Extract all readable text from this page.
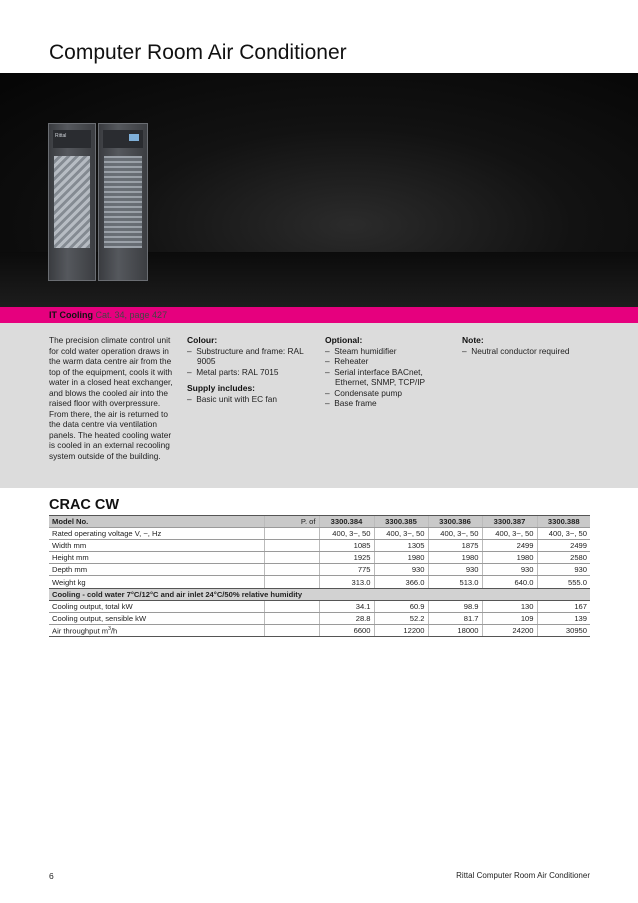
Computer Room Air Conditioner
Rittal
IT Cooling Cat. 34, page 427
The precision climate control unit for cold water operation draws in the warm data centre air from the top of the equipment, cools it with water in a closed heat exchanger, and blows the cooled air into the raised floor with overpressure. From there, the air is returned to the data centre via ventilation panels. The heated cooling water is cooled in an external recooling system outside of the building.
Colour:
–  Substructure and frame: RAL 9005
–  Metal parts: RAL 7015
Supply includes:
–  Basic unit with EC fan
Optional:
–  Steam humidifier
–  Reheater
–  Serial interface BACnet, Ethernet, SNMP, TCP/IP
–  Condensate pump
–  Base frame
Note:
–  Neutral conductor required
CRAC CW
Model No.	P. of	3300.384	3300.385	3300.386	3300.387	3300.388
Rated operating voltage V, ~, Hz		400, 3~, 50	400, 3~, 50	400, 3~, 50	400, 3~, 50	400, 3~, 50
Width mm		1085	1305	1875	2499	2499
Height mm		1925	1980	1980	1980	2580
Depth mm		775	930	930	930	930
Weight kg		313.0	366.0	513.0	640.0	555.0
Cooling - cold water 7°C/12°C and air inlet 24°C/50% relative humidity						
Cooling output, total kW		34.1	60.9	98.9	130	167
Cooling output, sensible kW		28.8	52.2	81.7	109	139
Air throughput $m^3/h$		6600	12200	18000	24200	30950
6	Rittal Computer Room Air Conditioner
